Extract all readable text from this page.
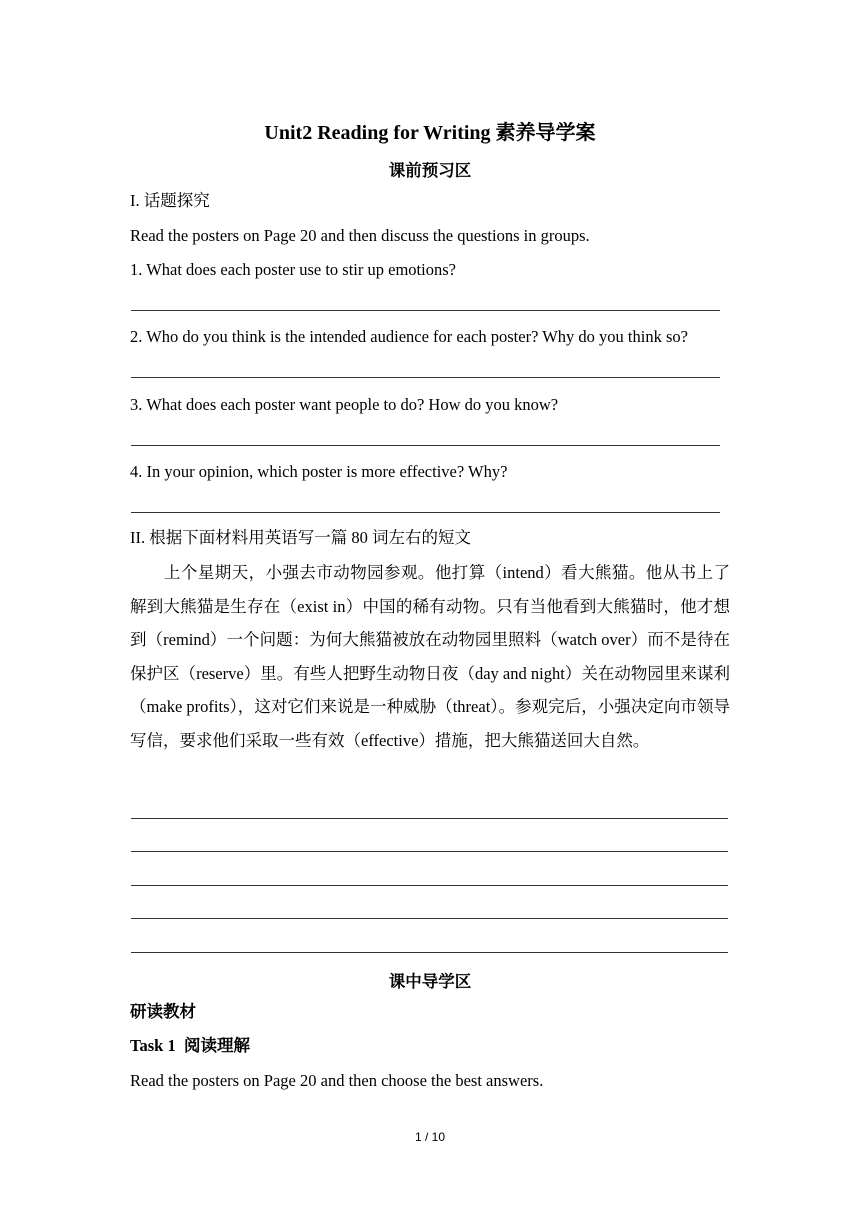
Unit2 Reading for Writing 素养导学案
课前预习区
I. 话题探究
Read the posters on Page 20 and then discuss the questions in groups.
1. What does each poster use to stir up emotions?
2. Who do you think is the intended audience for each poster? Why do you think so?
3. What does each poster want people to do? How do you know?
4. In your opinion, which poster is more effective? Why?
II. 根据下面材料用英语写一篇 80 词左右的短文

上个星期天，小强去市动物园参观。他打算（intend）看大熊猫。他从书上了解到大熊猫是生存在（exist in）中国的稀有动物。只有当他看到大熊猫时，他才想到（remind）一个问题：为何大熊猫被放在动物园里照料（watch over）而不是待在保护区（reserve）里。有些人把野生动物日夜（day and night）关在动物园里来谋利（make profits），这对它们来说是一种威胁（threat）。参观完后，小强决定向市领导写信，要求他们采取一些有效（effective）措施，把大熊猫送回大自然。

课中导学区
研读教材
Task 1 阅读理解
Read the posters on Page 20 and then choose the best answers.
1 / 10
